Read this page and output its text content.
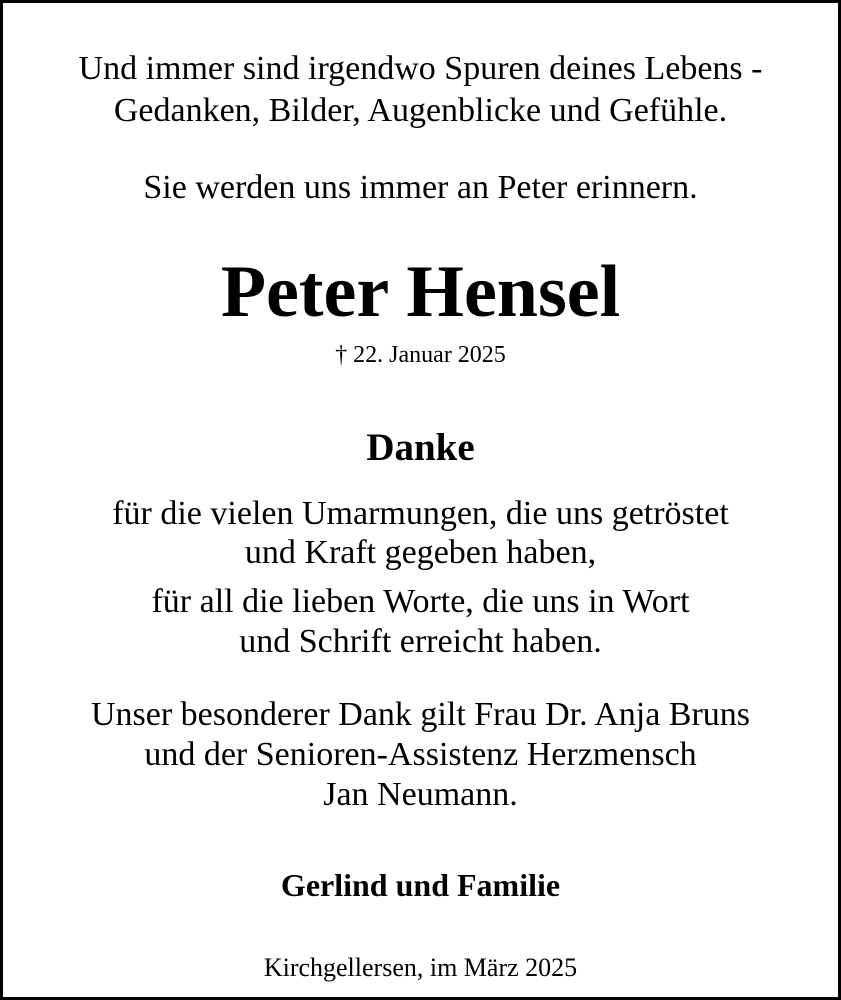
Und immer sind irgendwo Spuren deines Lebens -
Gedanken, Bilder, Augenblicke und Gefühle.
Sie werden uns immer an Peter erinnern.
Peter Hensel
† 22. Januar 2025
Danke
für die vielen Umarmungen, die uns getröstet
und Kraft gegeben haben,
für all die lieben Worte, die uns in Wort
und Schrift erreicht haben.
Unser besonderer Dank gilt Frau Dr. Anja Bruns
und der Senioren-Assistenz Herzmensch
Jan Neumann.
Gerlind und Familie
Kirchgellersen, im März 2025
